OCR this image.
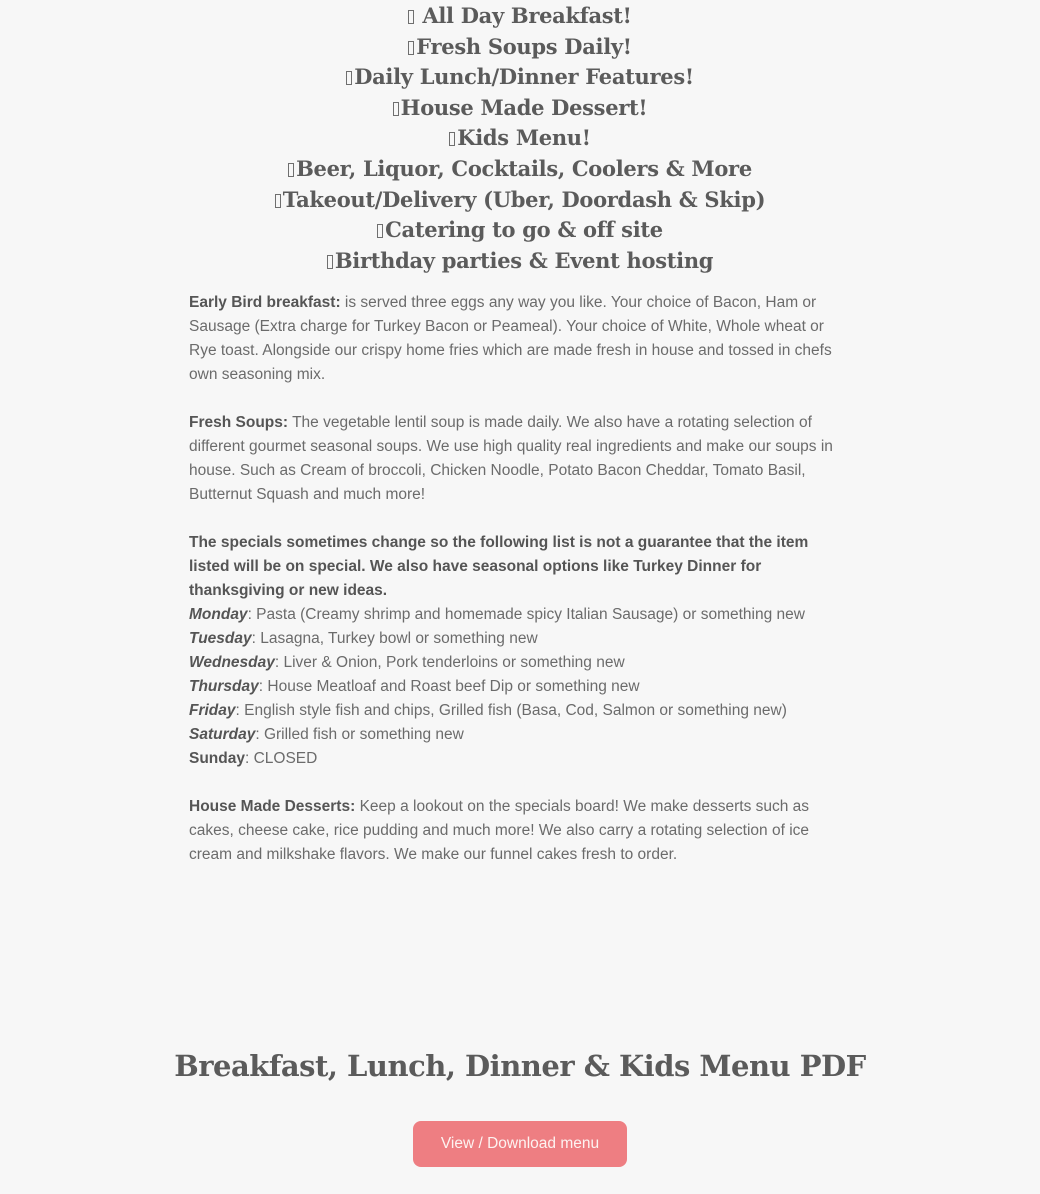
All Day Breakfast!
Fresh Soups Daily!
Daily Lunch/Dinner Features!
House Made Dessert!
Kids Menu!
Beer, Liquor, Cocktails, Coolers & More
Takeout/Delivery (Uber, Doordash & Skip)
Catering to go & off site
Birthday parties & Event hosting

Early Bird breakfast: is served three eggs any way you like. Your choice of Bacon, Ham or Sausage (Extra charge for Turkey Bacon or Peameal). Your choice of White, Whole wheat or Rye toast. Alongside our crispy home fries which are made fresh in house and tossed in chefs own seasoning mix.

Fresh Soups: The vegetable lentil soup is made daily. We also have a rotating selection of different gourmet seasonal soups. We use high quality real ingredients and make our soups in house. Such as Cream of broccoli, Chicken Noodle, Potato Bacon Cheddar, Tomato Basil, Butternut Squash and much more!

The specials sometimes change so the following list is not a guarantee that the item listed will be on special. We also have seasonal options like Turkey Dinner for thanksgiving or new ideas.

Monday: Pasta (Creamy shrimp and homemade spicy Italian Sausage) or something new

Tuesday: Lasagna, Turkey bowl or something new

Wednesday: Liver & Onion, Pork tenderloins or something new

Thursday: House Meatloaf and Roast beef Dip or something new

Friday: English style fish and chips, Grilled fish (Basa, Cod, Salmon or something new)

Saturday: Grilled fish or something new

Sunday: CLOSED

House Made Desserts: Keep a lookout on the specials board! We make desserts such as cakes, cheese cake, rice pudding and much more! We also carry a rotating selection of ice cream and milkshake flavors. We make our funnel cakes fresh to order.

Breakfast, Lunch, Dinner & Kids Menu PDF
View / Download menu
